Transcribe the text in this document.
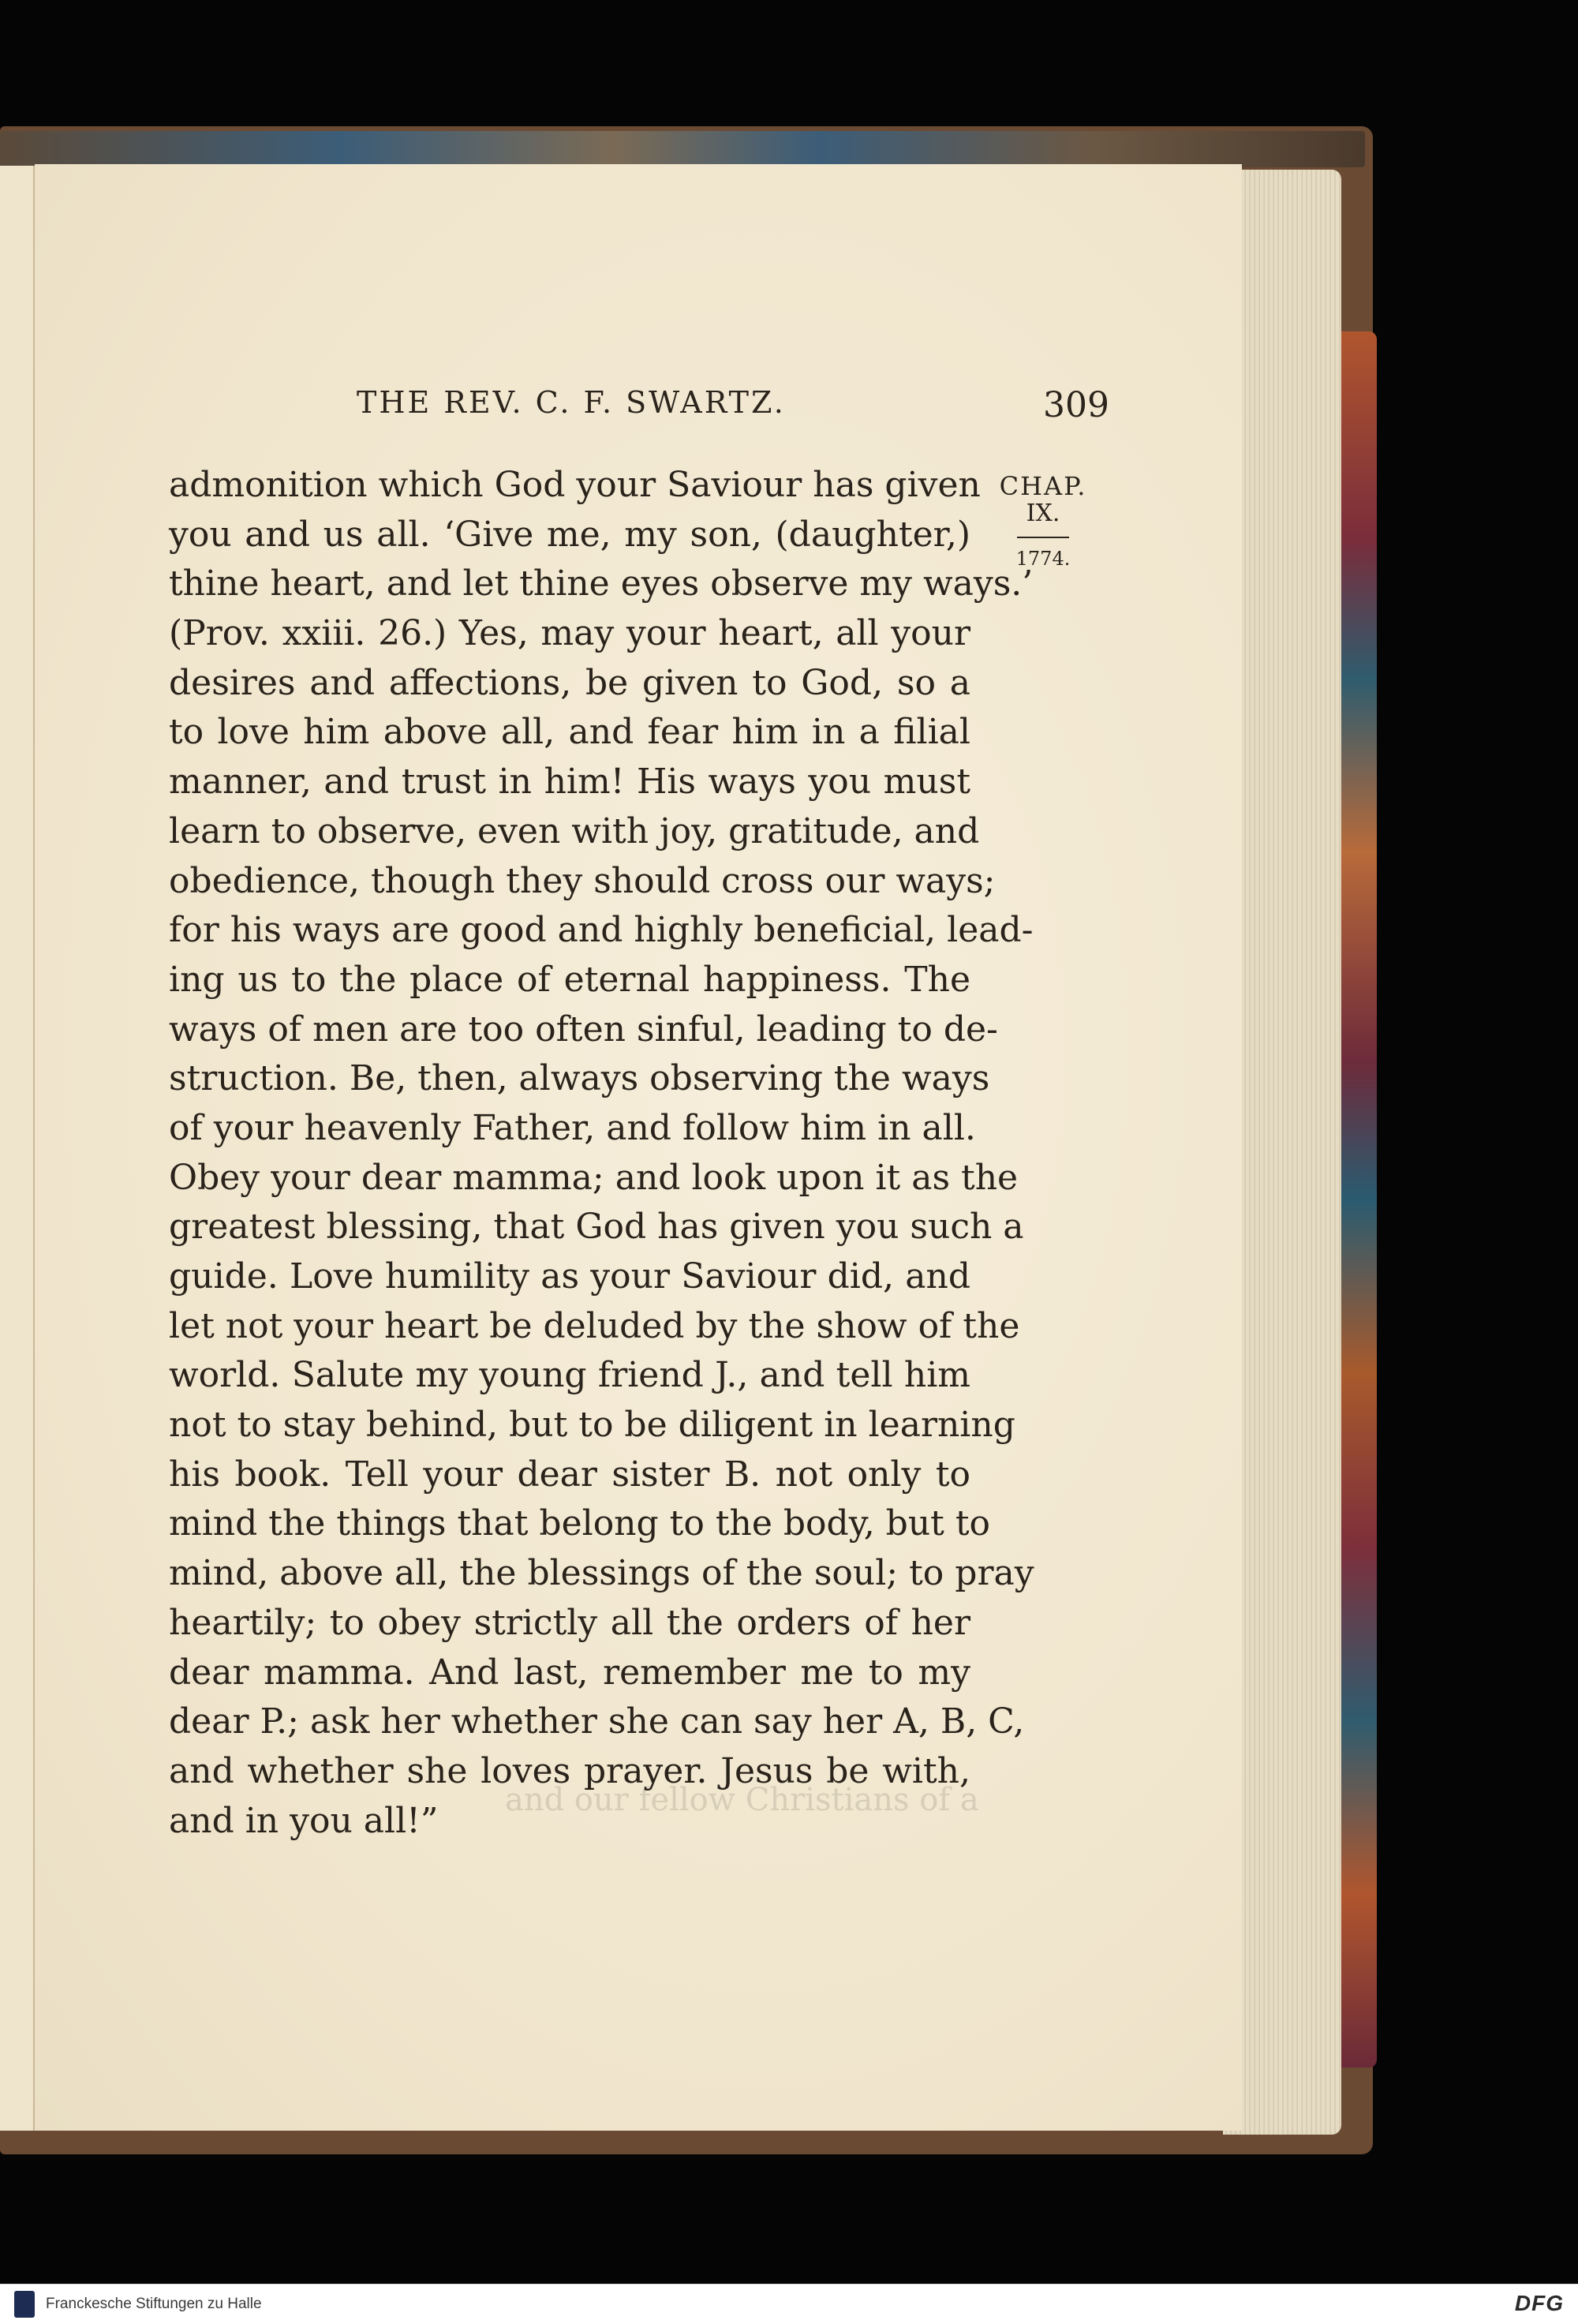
THE REV. C. F. SWARTZ.	309
CHAP.
IX.
1774.
and our fellow Christians of a
admonition which God your Saviour has given
you and us all. ‘Give me, my son, (daughter,)
thine heart, and let thine eyes observe my ways.’
(Prov. xxiii. 26.) Yes, may your heart, all your
desires and affections, be given to God, so a
to love him above all, and fear him in a filial
manner, and trust in him! His ways you must
learn to observe, even with joy, gratitude, and
obedience, though they should cross our ways;
for his ways are good and highly beneficial, lead-
ing us to the place of eternal happiness. The
ways of men are too often sinful, leading to de-
struction. Be, then, always observing the ways
of your heavenly Father, and follow him in all.
Obey your dear mamma; and look upon it as the
greatest blessing, that God has given you such a
guide. Love humility as your Saviour did, and
let not your heart be deluded by the show of the
world. Salute my young friend J., and tell him
not to stay behind, but to be diligent in learning
his book. Tell your dear sister B. not only to
mind the things that belong to the body, but to
mind, above all, the blessings of the soul; to pray
heartily; to obey strictly all the orders of her
dear mamma. And last, remember me to my
dear P.; ask her whether she can say her A, B, C,
and whether she loves prayer. Jesus be with,
and in you all!”
Franckesche Stiftungen zu Halle	DFG
